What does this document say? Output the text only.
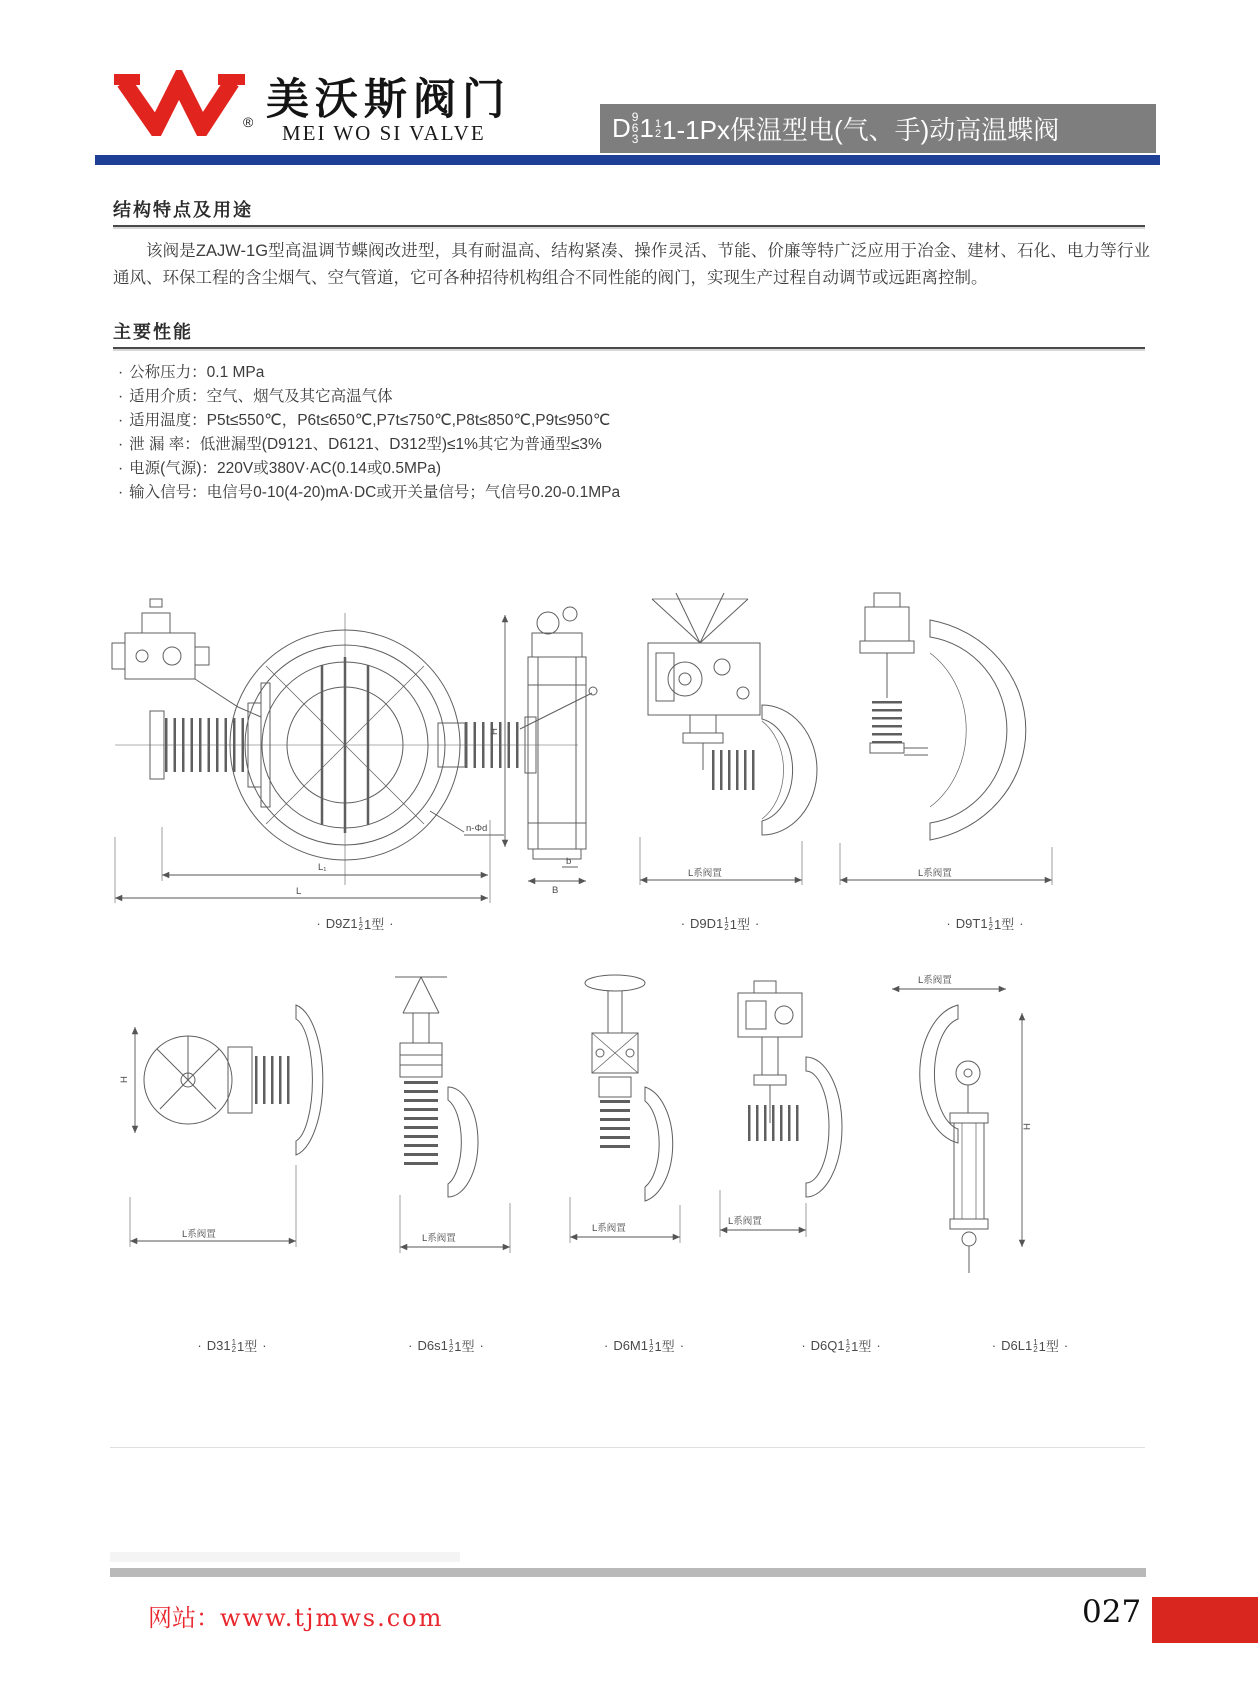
® 美沃斯阀门
MEI WO SI VALVE	D 9
6
3 1 1
2 1-1Px保温型电(气、手)动高温蝶阀
结构特点及用途
该阀是ZAJW-1G型高温调节蝶阀改进型，具有耐温高、结构紧凑、操作灵活、节能、价廉等特广泛应用于冶金、建材、石化、电力等行业通风、环保工程的含尘烟气、空气管道，它可各种招待机构组合不同性能的阀门，实现生产过程自动调节或远距离控制。
主要性能
· 公称压力：0.1 MPa
· 适用介质：空气、烟气及其它高温气体
· 适用温度：P5t≤550℃，P6t≤650℃,P7t≤750℃,P8t≤850℃,P9t≤950℃
· 泄 漏 率：低泄漏型(D9121、D6121、D312型)≤1%其它为普通型≤3%
· 电源(气源)：220V或380V·AC(0.14或0.5MPa)
· 输入信号：电信号0-10(4-20)mA·DC或开关量信号；气信号0.20-0.1MPa
n-Φd
L₁
L
H
b
B
L系阀置	L系阀置
H
L系阀置	L系阀置
L系阀置
L系阀置
L系阀置
H
· D9Z1 1
2 1型 ·	· D9D1 1
2 1型 ·	· D9T1 1
2 1型 ·
· D31 1
2 1型 ·	· D6s1 1
2 1型 ·	· D6M1 1
2 1型 ·	· D6Q1 1
2 1型 ·	· D6L1 1
2 1型 ·
网站：www.tjmws.com	027
